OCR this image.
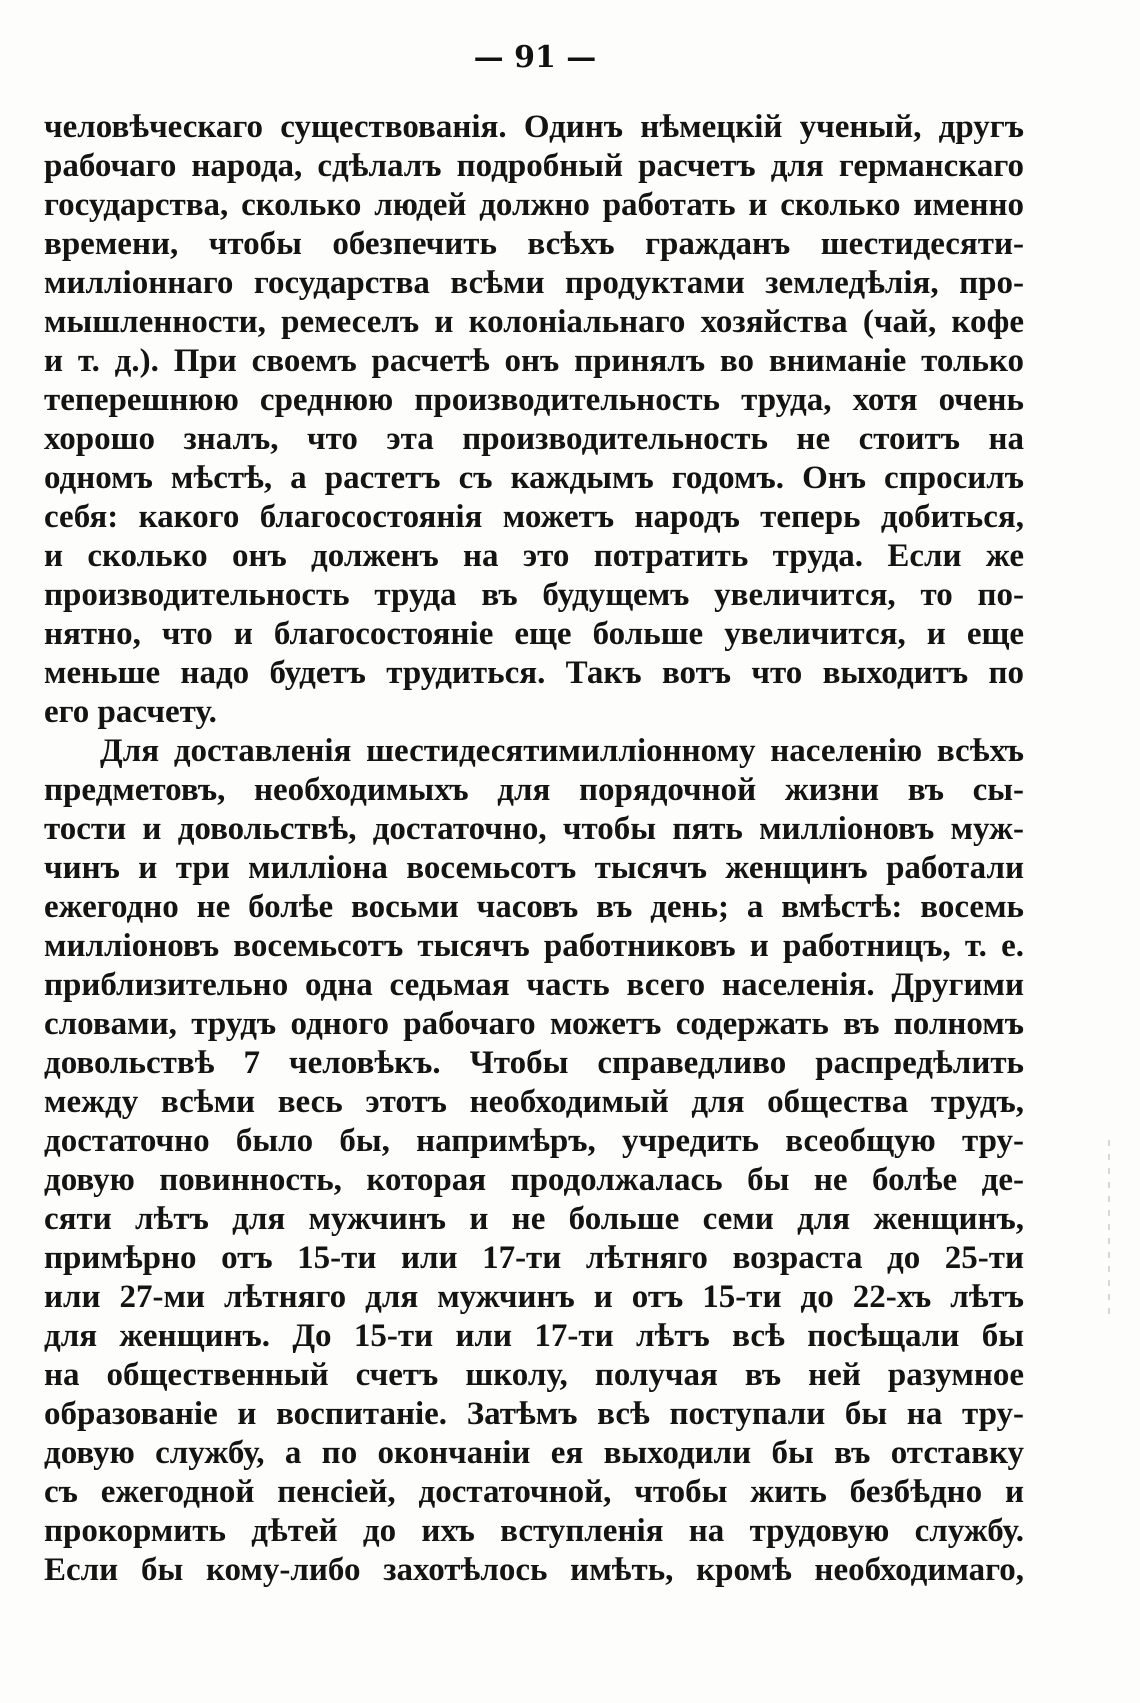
— 91 —
человѣческаго существованія. Одинъ нѣмецкій ученый, другъ
рабочаго народа, сдѣлалъ подробный расчетъ для германскаго
государства, сколько людей должно работать и сколько именно
времени, чтобы обезпечить всѣхъ гражданъ шестидесяти-
милліоннаго государства всѣми продуктами земледѣлія, про-
мышленности, ремеселъ и колоніальнаго хозяйства (чай, кофе
и т. д.). При своемъ расчетѣ онъ принялъ во вниманіе только
теперешнюю среднюю производительность труда, хотя очень
хорошо зналъ, что эта производительность не стоитъ на
одномъ мѣстѣ, а растетъ съ каждымъ годомъ. Онъ спросилъ
себя: какого благосостоянія можетъ народъ теперь добиться,
и сколько онъ долженъ на это потратить труда. Если же
производительность труда въ будущемъ увеличится, то по-
нятно, что и благосостояніе еще больше увеличится, и еще
меньше надо будетъ трудиться. Такъ вотъ что выходитъ по
его расчету.
Для доставленія шестидесятимилліонному населенію всѣхъ
предметовъ, необходимыхъ для порядочной жизни въ сы-
тости и довольствѣ, достаточно, чтобы пять милліоновъ муж-
чинъ и три милліона восемьсотъ тысячъ женщинъ работали
ежегодно не болѣе восьми часовъ въ день; а вмѣстѣ: восемь
милліоновъ восемьсотъ тысячъ работниковъ и работницъ, т. е.
приблизительно одна седьмая часть всего населенія. Другими
словами, трудъ одного рабочаго можетъ содержать въ полномъ
довольствѣ 7 человѣкъ. Чтобы справедливо распредѣлить
между всѣми весь этотъ необходимый для общества трудъ,
достаточно было бы, напримѣръ, учредить всеобщую тру-
довую повинность, которая продолжалась бы не болѣе де-
сяти лѣтъ для мужчинъ и не больше семи для женщинъ,
примѣрно отъ 15-ти или 17-ти лѣтняго возраста до 25-ти
или 27-ми лѣтняго для мужчинъ и отъ 15-ти до 22-хъ лѣтъ
для женщинъ. До 15-ти или 17-ти лѣтъ всѣ посѣщали бы
на общественный счетъ школу, получая въ ней разумное
образованіе и воспитаніе. Затѣмъ всѣ поступали бы на тру-
довую службу, а по окончаніи ея выходили бы въ отставку
съ ежегодной пенсіей, достаточной, чтобы жить безбѣдно и
прокормить дѣтей до ихъ вступленія на трудовую службу.
Если бы кому-либо захотѣлось имѣть, кромѣ необходимаго,
